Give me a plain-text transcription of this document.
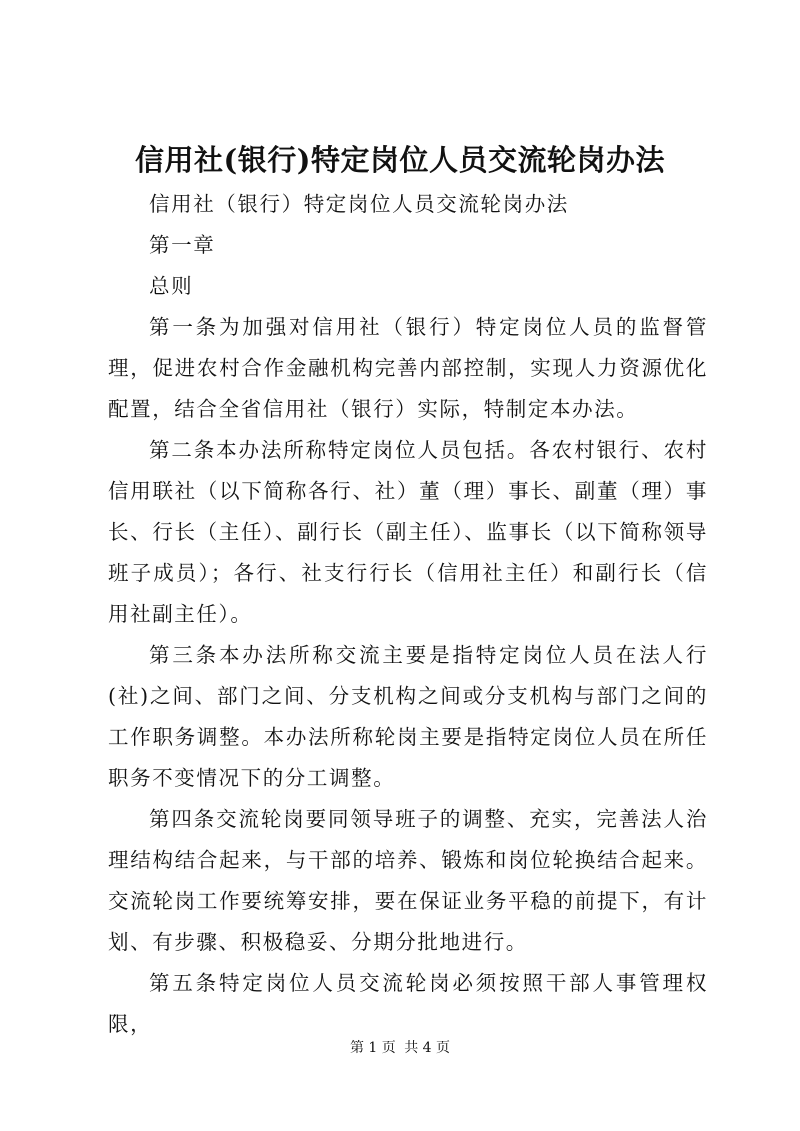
信用社(银行)特定岗位人员交流轮岗办法

信用社（银行）特定岗位人员交流轮岗办法

第一章

总则

第一条为加强对信用社（银行）特定岗位人员的监督管理，促进农村合作金融机构完善内部控制，实现人力资源优化配置，结合全省信用社（银行）实际，特制定本办法。

第二条本办法所称特定岗位人员包括。各农村银行、农村信用联社（以下简称各行、社）董（理）事长、副董（理）事长、行长（主任）、副行长（副主任）、监事长（以下简称领导班子成员）；各行、社支行行长（信用社主任）和副行长（信用社副主任）。

第三条本办法所称交流主要是指特定岗位人员在法人行(社)之间、部门之间、分支机构之间或分支机构与部门之间的工作职务调整。本办法所称轮岗主要是指特定岗位人员在所任职务不变情况下的分工调整。

第四条交流轮岗要同领导班子的调整、充实，完善法人治理结构结合起来，与干部的培养、锻炼和岗位轮换结合起来。交流轮岗工作要统筹安排，要在保证业务平稳的前提下，有计划、有步骤、积极稳妥、分期分批地进行。

第五条特定岗位人员交流轮岗必须按照干部人事管理权限，

第 1 页 共 4 页
